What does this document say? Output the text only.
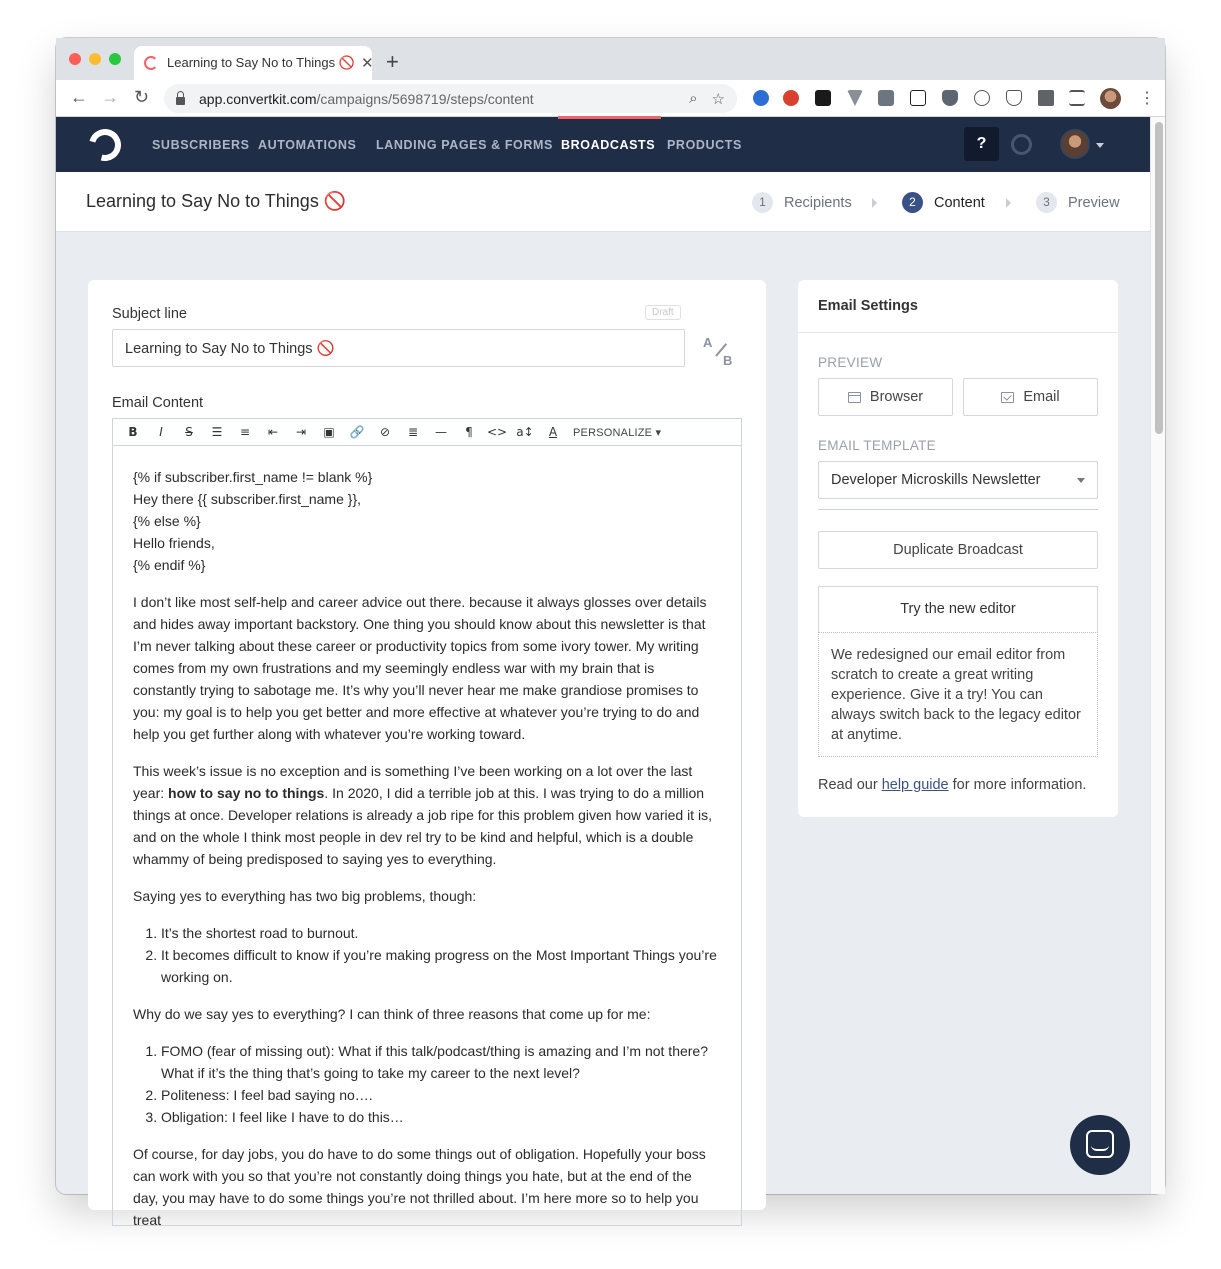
Learning to Say No to Things 🚫 ✕ +
← → ↻	app.convertkit.com/campaigns/5698719/steps/content	⌕ ☆	⋮
SUBSCRIBERS AUTOMATIONS LANDING PAGES & FORMS BROADCASTS PRODUCTS	?
Learning to Say No to Things 🚫	1	Recipients	2	Content	3	Preview
Subject line	Draft
Learning to Say No to Things 🚫	A
B
Email Content
B	I	S	☰	≡	⇤	⇥	▣	🔗	⊘	≣	—	¶	<> a↕	A	PERSONALIZE ▾

{% if subscriber.first_name != blank %}
Hey there {{ subscriber.first_name }},
{% else %}
Hello friends,
{% endif %}

I don’t like most self-help and career advice out there. because it always glosses over details and hides away important backstory. One thing you should know about this newsletter is that I’m never talking about these career or productivity topics from some ivory tower. My writing comes from my own frustrations and my seemingly endless war with my brain that is constantly trying to sabotage me. It’s why you’ll never hear me make grandiose promises to you: my goal is to help you get better and more effective at whatever you’re trying to do and help you get further along with whatever you’re working toward.

This week’s issue is no exception and is something I’ve been working on a lot over the last year: how to say no to things. In 2020, I did a terrible job at this. I was trying to do a million things at once. Developer relations is already a job ripe for this problem given how varied it is, and on the whole I think most people in dev rel try to be kind and helpful, which is a double whammy of being predisposed to saying yes to everything.

Saying yes to everything has two big problems, though:

1. It’s the shortest road to burnout.
2. It becomes difficult to know if you’re making progress on the Most Important Things you’re working on.

Why do we say yes to everything? I can think of three reasons that come up for me:

1. FOMO (fear of missing out): What if this talk/podcast/thing is amazing and I’m not there? What if it’s the thing that’s going to take my career to the next level?
2. Politeness: I feel bad saying no….
3. Obligation: I feel like I have to do this…

Of course, for day jobs, you do have to do some things out of obligation. Hopefully your boss can work with you so that you’re not constantly doing things you hate, but at the end of the day, you may have to do some things you’re not thrilled about. I’m here more so to help you treat

Email Settings
PREVIEW
Browser	Email
EMAIL TEMPLATE
Developer Microskills Newsletter
Duplicate Broadcast
Try the new editor
We redesigned our email editor from scratch to create a great writing experience. Give it a try! You can always switch back to the legacy editor at anytime.
Read our help guide for more information.
